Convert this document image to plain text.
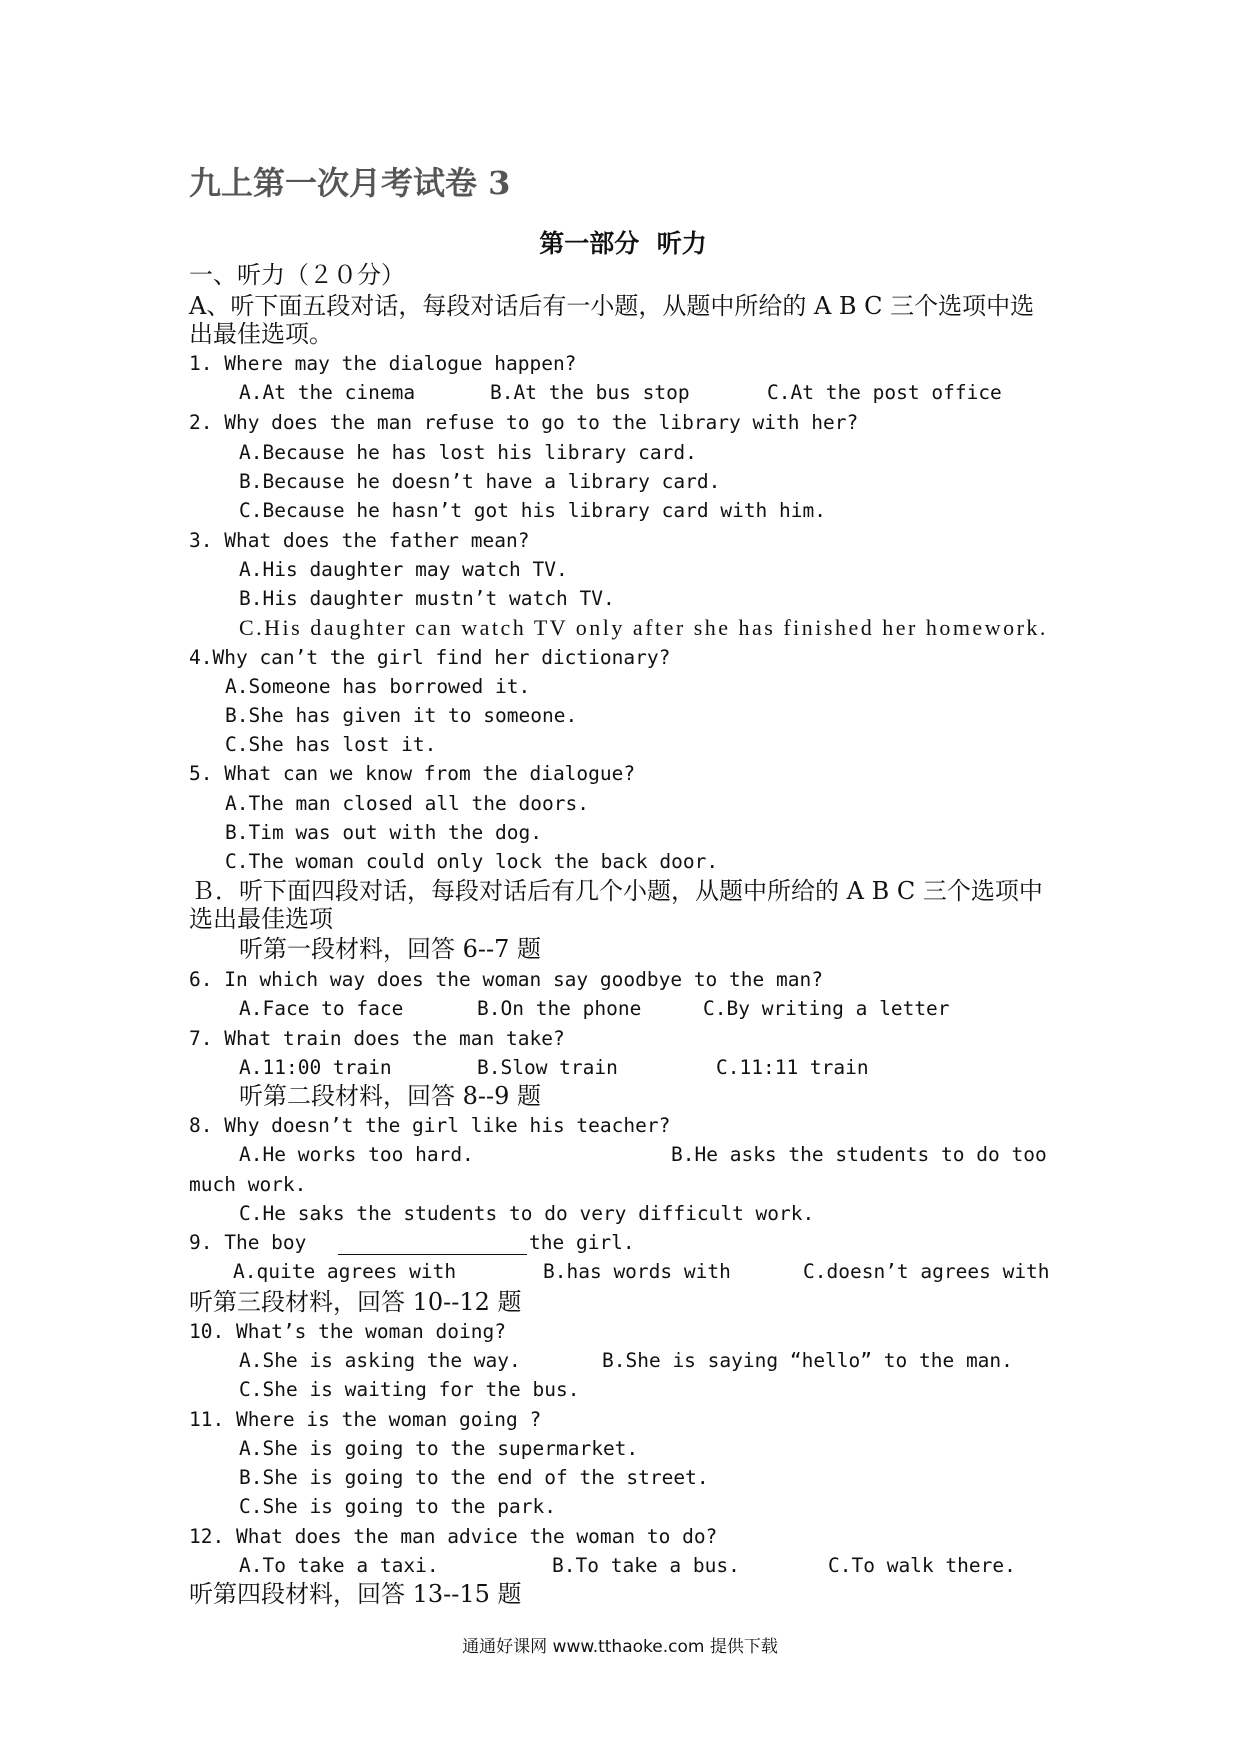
九上第一次月考试卷 3
第一部分  听力
一、听力（２０分）
A、听下面五段对话，每段对话后有一小题，从题中所给的 A B C 三个选项中选
出最佳选项。
1. Where may the dialogue happen?
A.At the cinema	B.At the bus stop	C.At the post office
2. Why does the man refuse to go to the library with her?
A.Because he has lost his library card.
B.Because he doesn’t have a library card.
C.Because he hasn’t got his library card with him.
3. What does the father mean?
A.His daughter may watch TV.
B.His daughter mustn’t watch TV.
C.His daughter can watch TV only after she has finished her homework.
4.Why can’t the girl find her dictionary?
A.Someone has borrowed it.
B.She has given it to someone.
C.She has lost it.
5. What can we know from the dialogue?
A.The man closed all the doors.
B.Tim was out with the dog.
C.The woman could only lock the back door.
Ｂ．听下面四段对话，每段对话后有几个小题，从题中所给的 A B C 三个选项中
选出最佳选项
听第一段材料，回答 6--7 题
6. In which way does the woman say goodbye to the man?
A.Face to face	B.On the phone	C.By writing a letter
7. What train does the man take?
A.11:00 train	B.Slow train	C.11:11 train
听第二段材料，回答 8--9 题
8. Why doesn’t the girl like his teacher?
A.He works too hard.	B.He asks the students to do too
much work.
C.He saks the students to do very difficult work.
9. The boy	the girl.
A.quite agrees with	B.has words with	C.doesn’t agrees with
听第三段材料，回答 10--12 题
10. What’s the woman doing?
A.She is asking the way.	B.She is saying “hello” to the man.
C.She is waiting for the bus.
11. Where is the woman going ?
A.She is going to the supermarket.
B.She is going to the end of the street.
C.She is going to the park.
12. What does the man advice the woman to do?
A.To take a taxi.	B.To take a bus.	C.To walk there.
听第四段材料，回答 13--15 题
通通好课网 www.tthaoke.com 提供下载
